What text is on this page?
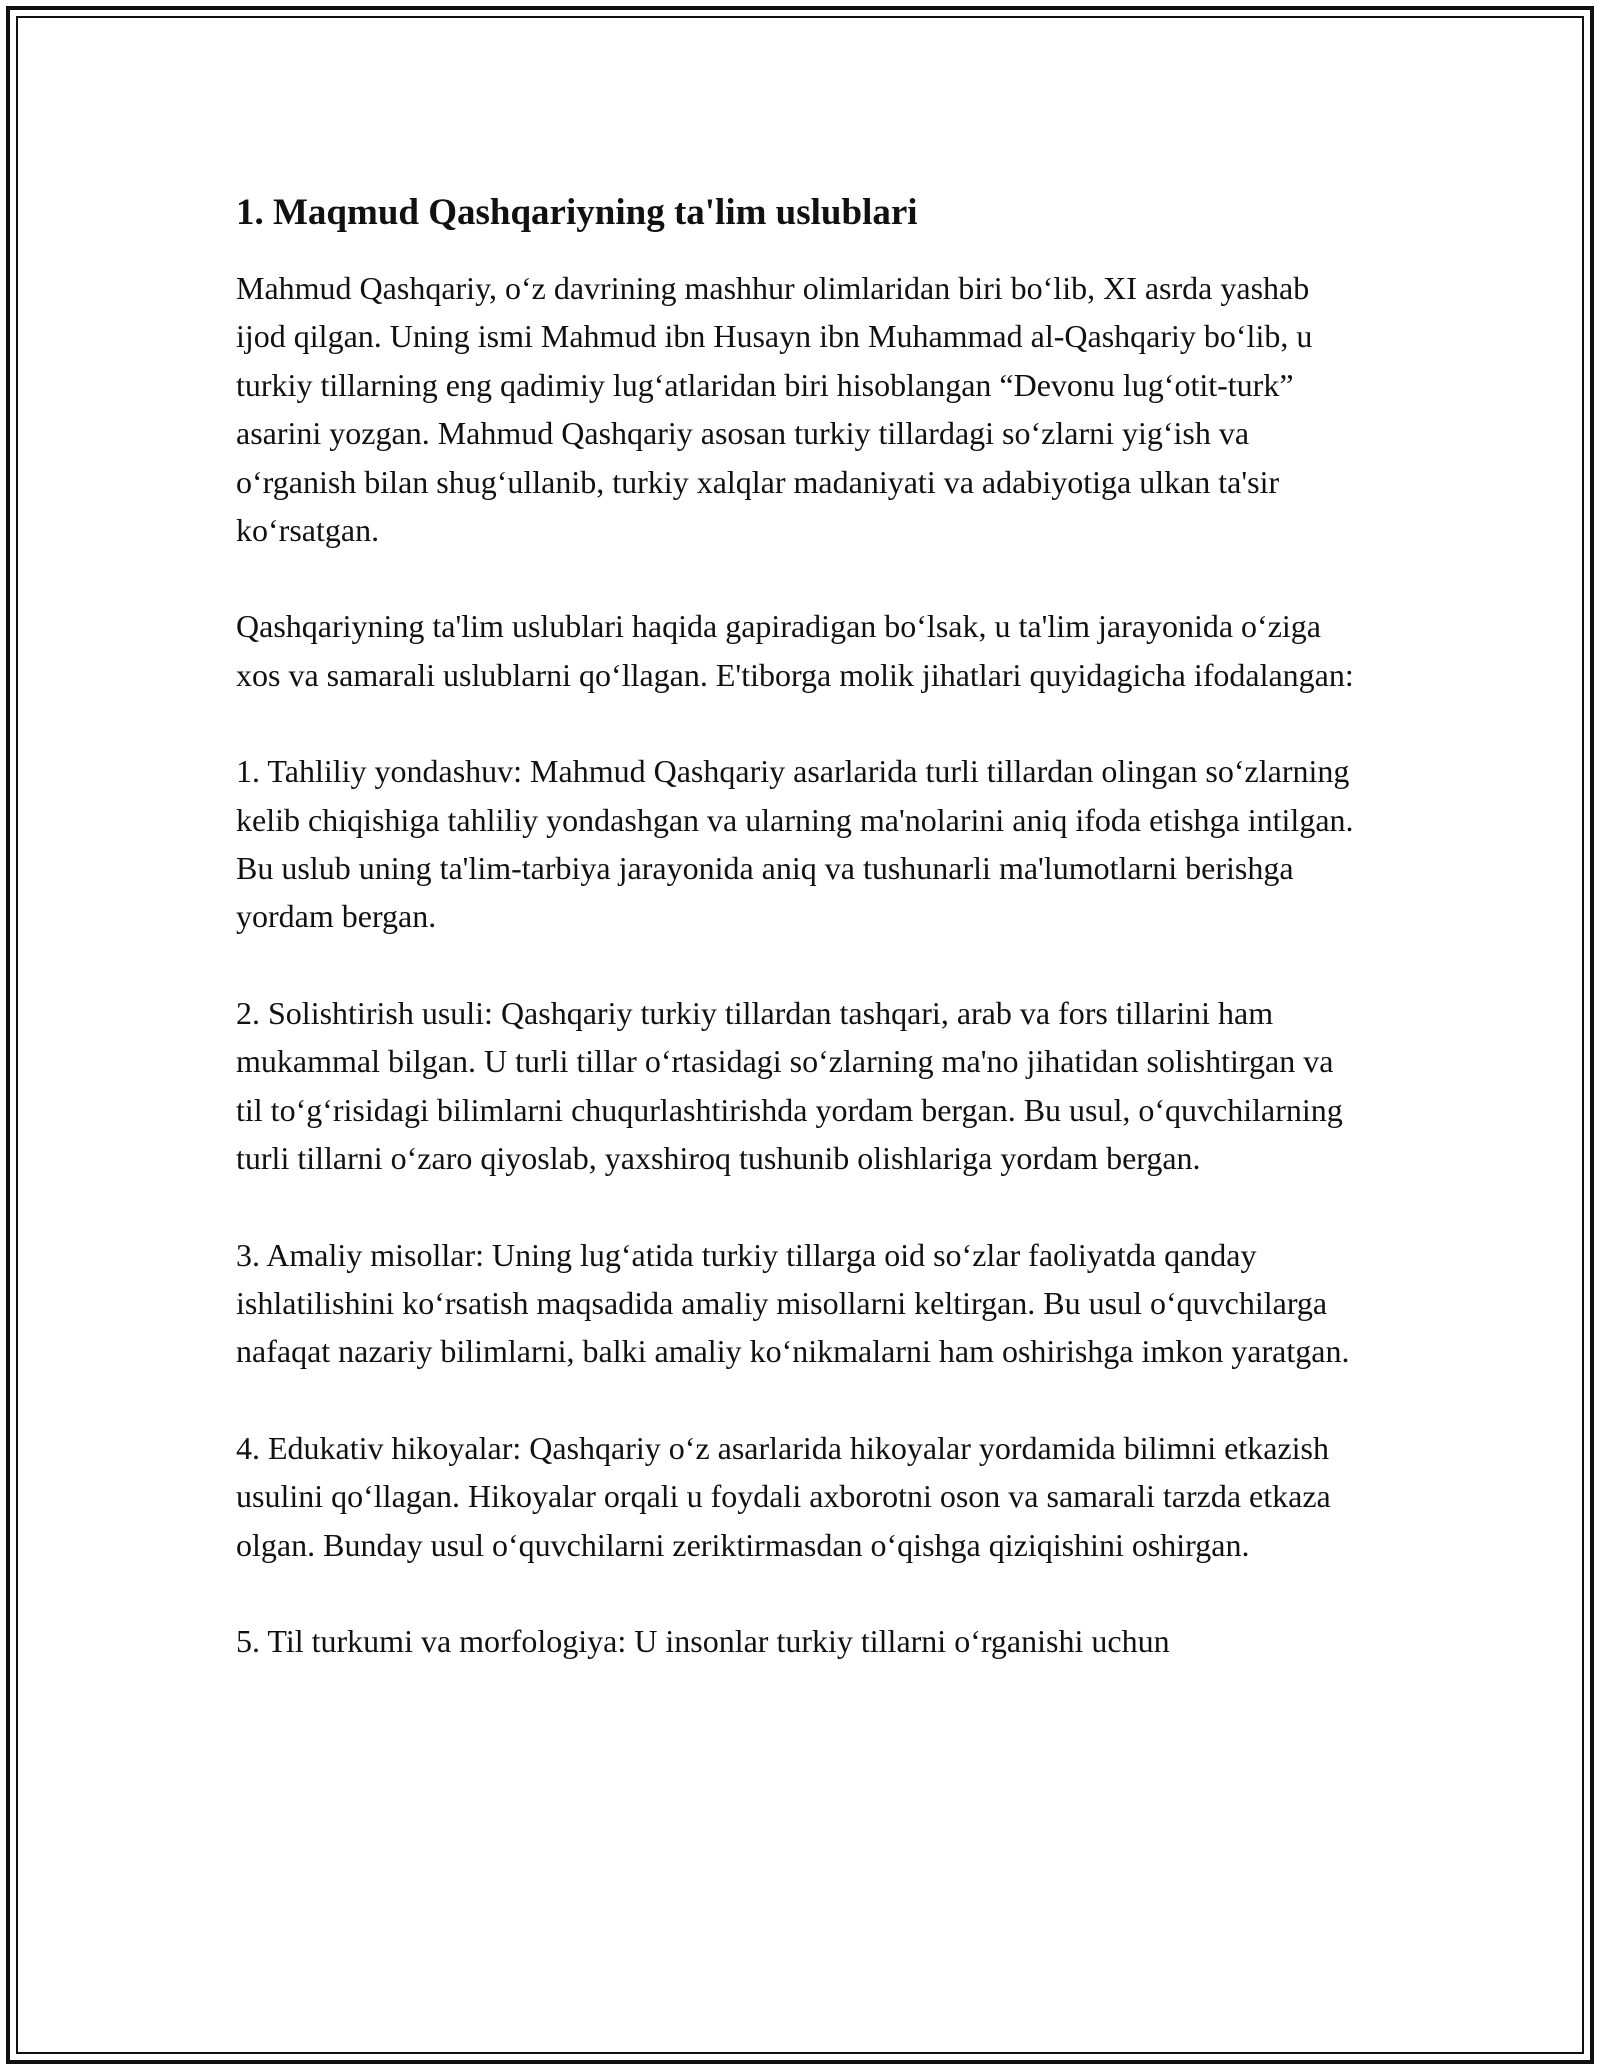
1. Maqmud Qashqariyning ta'lim uslublari

Mahmud Qashqariy, o‘z davrining mashhur olimlaridan biri bo‘lib, XI asrda yashab ijod qilgan. Uning ismi Mahmud ibn Husayn ibn Muhammad al-Qashqariy bo‘lib, u turkiy tillarning eng qadimiy lug‘atlaridan biri hisoblangan “Devonu lug‘otit-turk” asarini yozgan. Mahmud Qashqariy asosan turkiy tillardagi so‘zlarni yig‘ish va o‘rganish bilan shug‘ullanib, turkiy xalqlar madaniyati va adabiyotiga ulkan ta'sir ko‘rsatgan.

Qashqariyning ta'lim uslublari haqida gapiradigan bo‘lsak, u ta'lim jarayonida o‘ziga xos va samarali uslublarni qo‘llagan. E'tiborga molik jihatlari quyidagicha ifodalangan:

1. Tahliliy yondashuv: Mahmud Qashqariy asarlarida turli tillardan olingan so‘zlarning kelib chiqishiga tahliliy yondashgan va ularning ma'nolarini aniq ifoda etishga intilgan. Bu uslub uning ta'lim-tarbiya jarayonida aniq va tushunarli ma'lumotlarni berishga yordam bergan.

2. Solishtirish usuli: Qashqariy turkiy tillardan tashqari, arab va fors tillarini ham mukammal bilgan. U turli tillar o‘rtasidagi so‘zlarning ma'no jihatidan solishtirgan va til to‘g‘risidagi bilimlarni chuqurlashtirishda yordam bergan. Bu usul, o‘quvchilarning turli tillarni o‘zaro qiyoslab, yaxshiroq tushunib olishlariga yordam bergan.

3. Amaliy misollar: Uning lug‘atida turkiy tillarga oid so‘zlar faoliyatda qanday ishlatilishini ko‘rsatish maqsadida amaliy misollarni keltirgan. Bu usul o‘quvchilarga nafaqat nazariy bilimlarni, balki amaliy ko‘nikmalarni ham oshirishga imkon yaratgan.

4. Edukativ hikoyalar: Qashqariy o‘z asarlarida hikoyalar yordamida bilimni etkazish usulini qo‘llagan. Hikoyalar orqali u foydali axborotni oson va samarali tarzda etkaza olgan. Bunday usul o‘quvchilarni zeriktirmasdan o‘qishga qiziqishini oshirgan.

5. Til turkumi va morfologiya: U insonlar turkiy tillarni o‘rganishi uchun
